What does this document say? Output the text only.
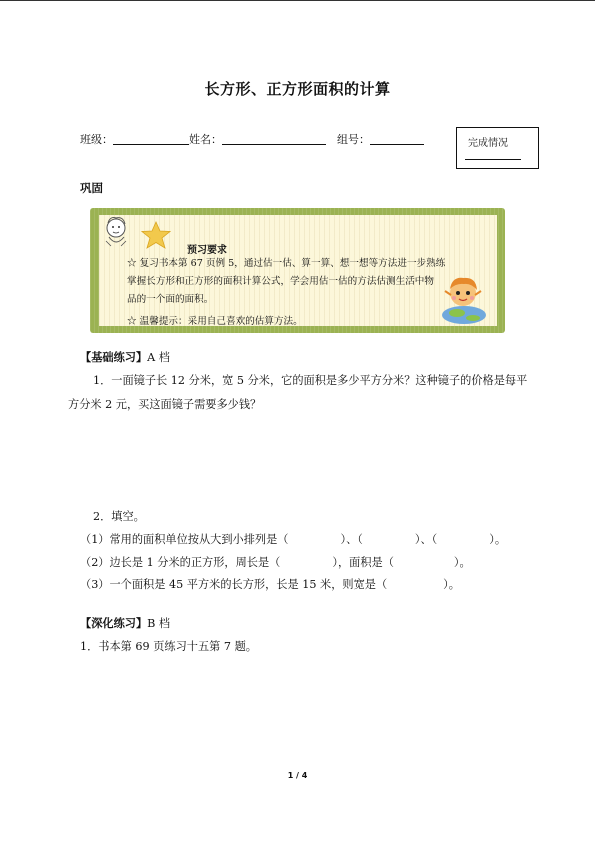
长方形、正方形面积的计算
班级：	姓名：　	组号：	完成情况
巩固
预习要求
☆ 复习书本第 67 页例 5，通过估一估、算一算、想一想等方法进一步熟练
掌握长方形和正方形的面积计算公式，学会用估一估的方法估测生活中物
品的一个面的面积。
☆ 温馨提示：采用自己喜欢的估算方法。
【基础练习】A 档
1．一面镜子长 12 分米，宽 5 分米，它的面积是多少平方分米？这种镜子的价格是每平
方分米 2 元，买这面镜子需要多少钱？
2．填空。
（1）常用的面积单位按从大到小排列是（	）、（	）、（	）。
（2）边长是 1 分米的正方形，周长是（	），面积是（	）。
（3）一个面积是 45 平方米的长方形，长是 15 米，则宽是（	）。
【深化练习】B 档
1．书本第 69 页练习十五第 7 题。
1 / 4
